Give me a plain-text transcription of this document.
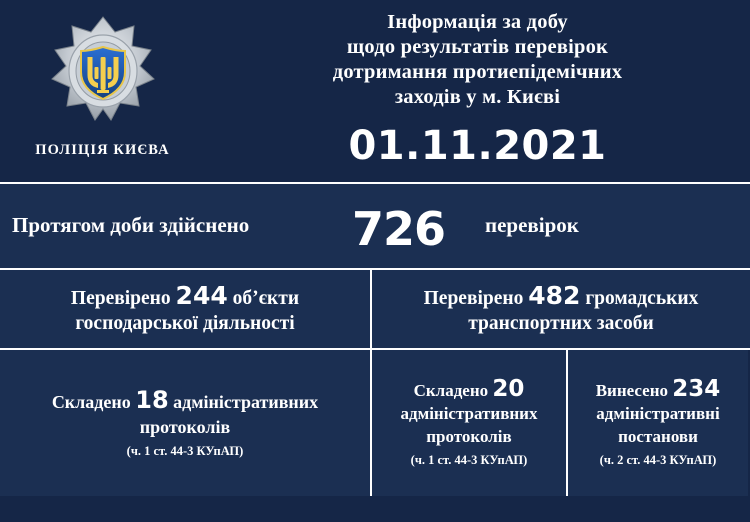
ПОЛІЦІЯ КИЄВА
Інформація за добу
щодо результатів перевірок
дотримання протиепідемічних
заходів у м. Києві
01.11.2021
Протягом доби здійснено 726 перевірок
Перевірено 244 обʼєкти
господарської діяльності
Перевірено 482 громадських
транспортних засоби
Складено 18 адміністративних
протоколів
(ч. 1 ст. 44-3 КУпАП)
Складено 20
адміністративних
протоколів
(ч. 1 ст. 44-3 КУпАП)
Винесено 234
адміністративні
постанови
(ч. 2 ст. 44-3 КУпАП)
